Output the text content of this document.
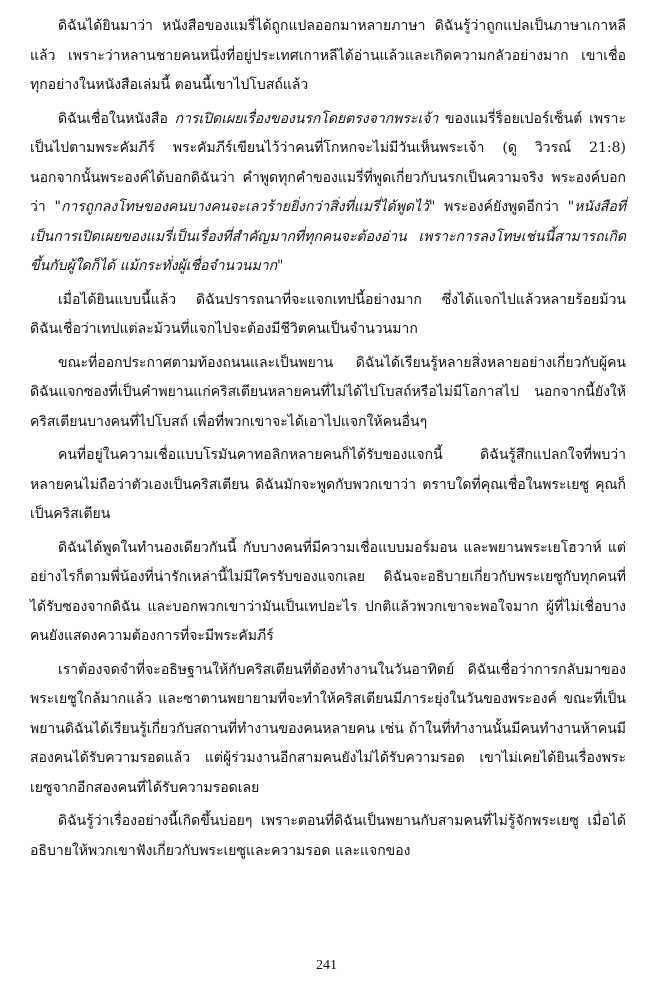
ดิฉันได้ยินมาว่า หนังสือของแมรี่ได้ถูกแปลออกมาหลายภาษา ดิฉันรู้ว่าถูกแปลเป็นภาษาเกาหลีแล้ว เพราะว่าหลานชายคนหนึ่งที่อยู่ประเทศเกาหลีได้อ่านแล้วและเกิดความกลัวอย่างมาก เขาเชื่อทุกอย่างในหนังสือเล่มนี้ ตอนนี้เขาไปโบสถ์แล้ว

ดิฉันเชื่อในหนังสือ การเปิดเผยเรื่องของนรกโดยตรงจากพระเจ้า ของแมรี่ร็อยเปอร์เซ็นต์ เพราะเป็นไปตามพระคัมภีร์ พระคัมภีร์เขียนไว้ว่าคนที่โกหกจะไม่มีวันเห็นพระเจ้า (ดู วิวรณ์ 21:8) นอกจากนั้นพระองค์ได้บอกดิฉันว่า คำพูดทุกคำของแมรี่ที่พูดเกี่ยวกับนรกเป็นความจริง พระองค์บอกว่า "การถูกลงโทษของคนบางคนจะเลวร้ายยิ่งกว่าสิ่งที่แมรี่ได้พูดไว้" พระองค์ยังพูดอีกว่า "หนังสือที่เป็นการเปิดเผยของแมรี่เป็นเรื่องที่สำคัญมากที่ทุกคนจะต้องอ่าน เพราะการลงโทษเช่นนี้สามารถเกิดขึ้นกับผู้ใดก็ได้ แม้กระทั่งผู้เชื่อจำนวนมาก"

เมื่อได้ยินแบบนี้แล้ว ดิฉันปรารถนาที่จะแจกเทปนี้อย่างมาก ซึ่งได้แจกไปแล้วหลายร้อยม้วน ดิฉันเชื่อว่าเทปแต่ละม้วนที่แจกไปจะต้องมีชีวิตคนเป็นจำนวนมาก

ขณะที่ออกประกาศตามท้องถนนและเป็นพยาน ดิฉันได้เรียนรู้หลายสิ่งหลายอย่างเกี่ยวกับผู้คน ดิฉันแจกซองที่เป็นคำพยานแก่คริสเตียนหลายคนที่ไม่ได้ไปโบสถ์หรือไม่มีโอกาสไป นอกจากนี้ยังให้คริสเตียนบางคนที่ไปโบสถ์ เพื่อที่พวกเขาจะได้เอาไปแจกให้คนอื่นๆ

คนที่อยู่ในความเชื่อแบบโรมันคาทอลิกหลายคนก็ได้รับของแจกนี้ ดิฉันรู้สึกแปลกใจที่พบว่า หลายคนไม่ถือว่าตัวเองเป็นคริสเตียน ดิฉันมักจะพูดกับพวกเขาว่า ตราบใดที่คุณเชื่อในพระเยซู คุณก็เป็นคริสเตียน

ดิฉันได้พูดในทำนองเดียวกันนี้ กับบางคนที่มีความเชื่อแบบมอร์มอน และพยานพระเยโฮวาห์ แต่อย่างไรก็ตามพี่น้องที่น่ารักเหล่านี้ไม่มีใครรับของแจกเลย ดิฉันจะอธิบายเกี่ยวกับพระเยซูกับทุกคนที่ได้รับซองจากดิฉัน และบอกพวกเขาว่ามันเป็นเทปอะไร ปกติแล้วพวกเขาจะพอใจมาก ผู้ที่ไม่เชื่อบางคนยังแสดงความต้องการที่จะมีพระคัมภีร์

เราต้องจดจำที่จะอธิษฐานให้กับคริสเตียนที่ต้องทำงานในวันอาทิตย์ ดิฉันเชื่อว่าการกลับมาของพระเยซูใกล้มากแล้ว และซาตานพยายามที่จะทำให้คริสเตียนมีภาระยุ่งในวันของพระองค์ ขณะที่เป็นพยานดิฉันได้เรียนรู้เกี่ยวกับสถานที่ทำงานของคนหลายคน เช่น ถ้าในที่ทำงานนั้นมีคนทำงานห้าคนมีสองคนได้รับความรอดแล้ว แต่ผู้ร่วมงานอีกสามคนยังไม่ได้รับความรอด เขาไม่เคยได้ยินเรื่องพระเยซูจากอีกสองคนที่ได้รับความรอดเลย

ดิฉันรู้ว่าเรื่องอย่างนี้เกิดขึ้นบ่อยๆ เพราะตอนที่ดิฉันเป็นพยานกับสามคนที่ไม่รู้จักพระเยซู เมื่อได้อธิบายให้พวกเขาฟังเกี่ยวกับพระเยซูและความรอด และแจกของ

241
